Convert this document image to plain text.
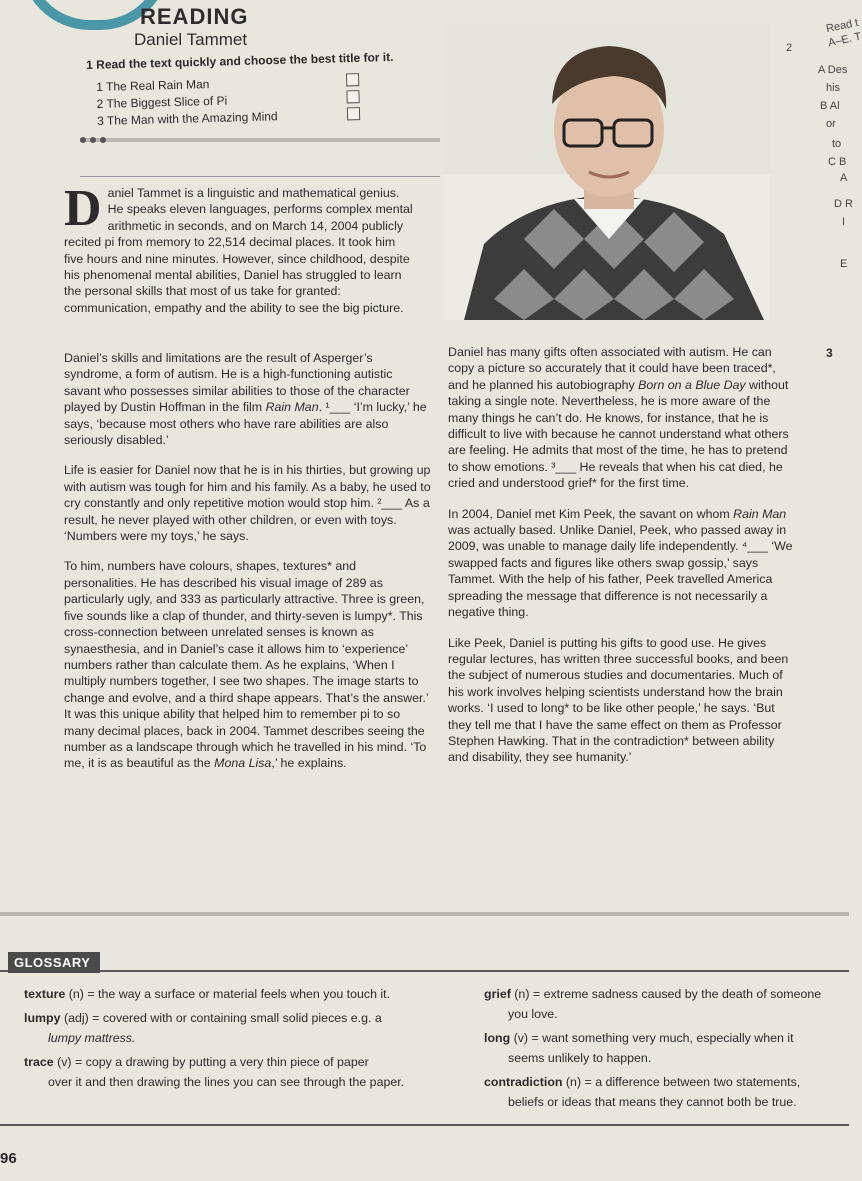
READING
Daniel Tammet
1 Read the text quickly and choose the best title for it.
1 The Real Rain Man
2 The Biggest Slice of Pi
3 The Man with the Amazing Mind
Read t
A–E. T
2
A Des
his
B Al
or
to
C B
A
D R
I
E
Daniel Tammet is a linguistic and mathematical genius. He speaks eleven languages, performs complex mental arithmetic in seconds, and on March 14, 2004 publicly recited pi from memory to 22,514 decimal places. It took him five hours and nine minutes. However, since childhood, despite his phenomenal mental abilities, Daniel has struggled to learn the personal skills that most of us take for granted: communication, empathy and the ability to see the big picture.

Daniel’s skills and limitations are the result of Asperger’s syndrome, a form of autism. He is a high-functioning autistic savant who possesses similar abilities to those of the character played by Dustin Hoffman in the film Rain Man. ¹___ ‘I’m lucky,’ he says, ‘because most others who have rare abilities are also seriously disabled.’

Life is easier for Daniel now that he is in his thirties, but growing up with autism was tough for him and his family. As a baby, he used to cry constantly and only repetitive motion would stop him. ²___ As a result, he never played with other children, or even with toys. ‘Numbers were my toys,’ he says.

To him, numbers have colours, shapes, textures* and personalities. He has described his visual image of 289 as particularly ugly, and 333 as particularly attractive. Three is green, five sounds like a clap of thunder, and thirty-seven is lumpy*. This cross-connection between unrelated senses is known as synaesthesia, and in Daniel’s case it allows him to ‘experience’ numbers rather than calculate them. As he explains, ‘When I multiply numbers together, I see two shapes. The image starts to change and evolve, and a third shape appears. That’s the answer.’

It was this unique ability that helped him to remember pi to so many decimal places, back in 2004. Tammet describes seeing the number as a landscape through which he travelled in his mind. ‘To me, it is as beautiful as the Mona Lisa,’ he explains.

Daniel has many gifts often associated with autism. He can copy a picture so accurately that it could have been traced*, and he planned his autobiography Born on a Blue Day without taking a single note. Nevertheless, he is more aware of the many things he can’t do. He knows, for instance, that he is difficult to live with because he cannot understand what others are feeling. He admits that most of the time, he has to pretend to show emotions. ³___ He reveals that when his cat died, he cried and understood grief* for the first time.

In 2004, Daniel met Kim Peek, the savant on whom Rain Man was actually based. Unlike Daniel, Peek, who passed away in 2009, was unable to manage daily life independently. ⁴___ ‘We swapped facts and figures like others swap gossip,’ says Tammet. With the help of his father, Peek travelled America spreading the message that difference is not necessarily a negative thing.

Like Peek, Daniel is putting his gifts to good use. He gives regular lectures, has written three successful books, and been the subject of numerous studies and documentaries. Much of his work involves helping scientists understand how the brain works. ‘I used to long* to be like other people,’ he says. ‘But they tell me that I have the same effect on them as Professor Stephen Hawking. That in the contradiction* between ability and disability, they see humanity.’

3
GLOSSARY
texture (n) = the way a surface or material feels when you touch it.
lumpy (adj) = covered with or containing small solid pieces e.g. a
lumpy mattress.
trace (v) = copy a drawing by putting a very thin piece of paper
over it and then drawing the lines you can see through the paper.
grief (n) = extreme sadness caused by the death of someone
you love.
long (v) = want something very much, especially when it
seems unlikely to happen.
contradiction (n) = a difference between two statements,
beliefs or ideas that means they cannot both be true.
96
